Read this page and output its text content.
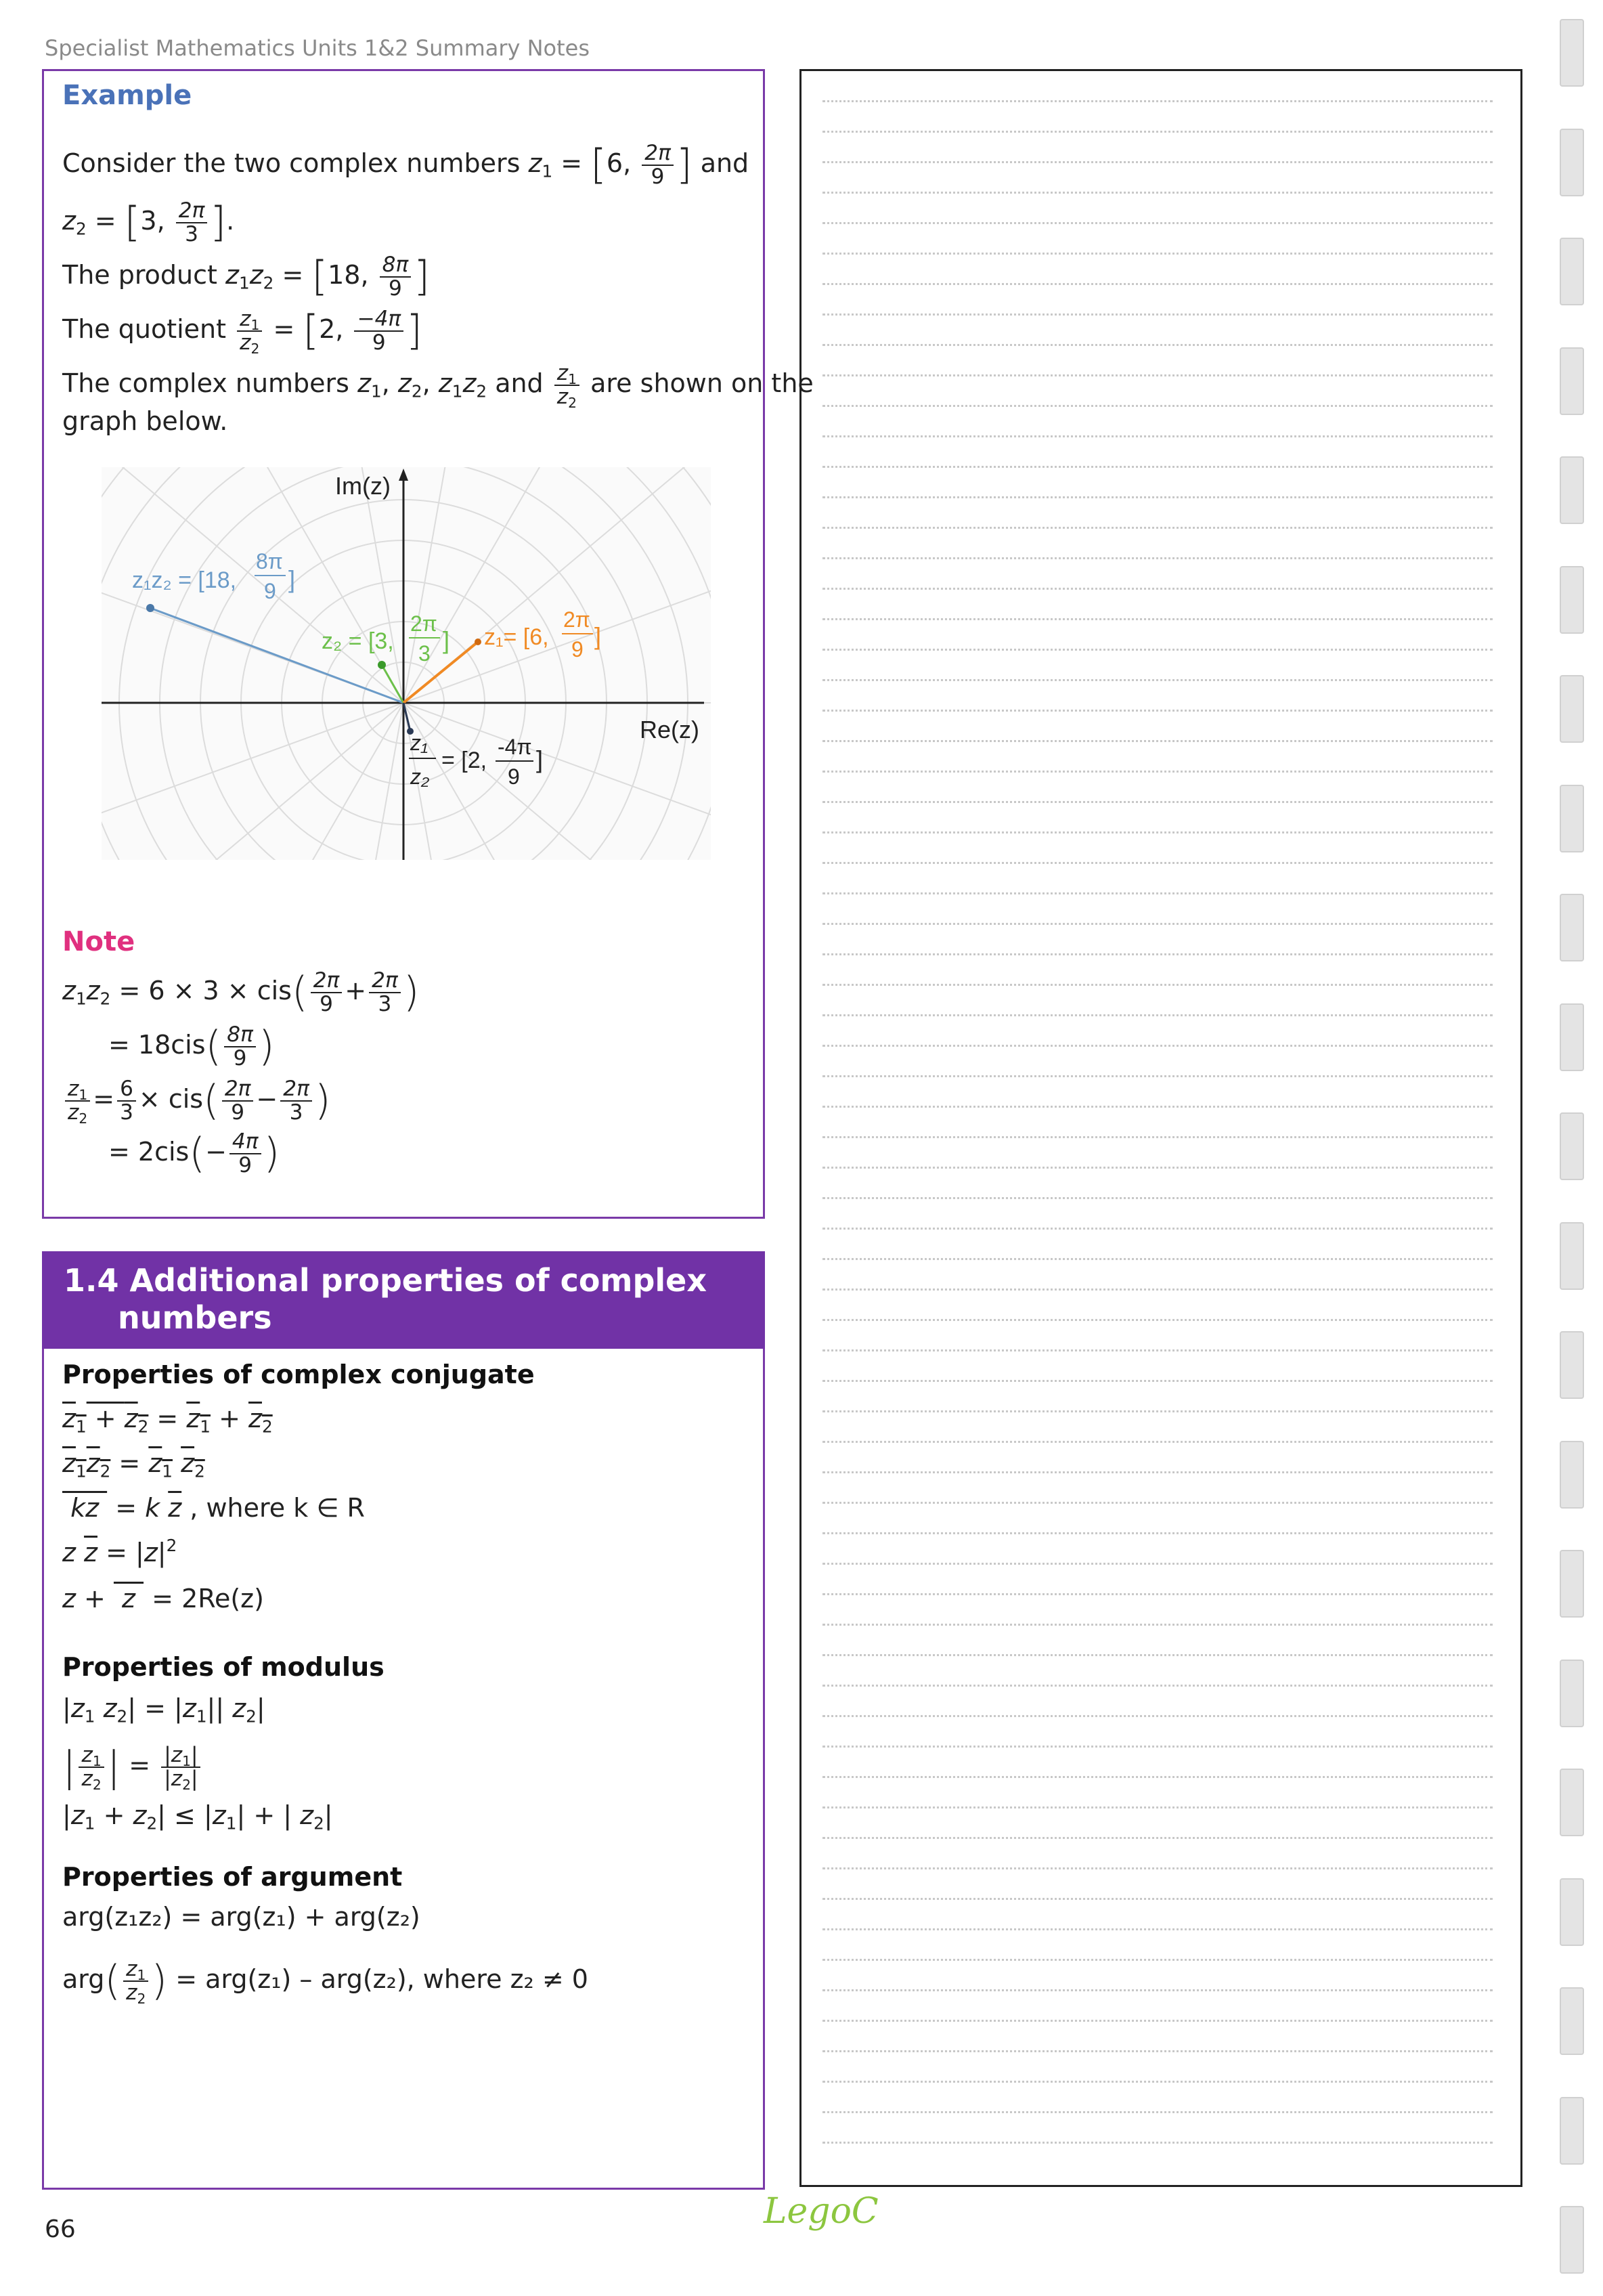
Specialist Mathematics Units 1&2 Summary Notes
Example
Consider the two complex numbers $z_1 = [6$, $\frac{2\pi}{9}$ ] and
$z_2 = [3$, $\frac{2\pi}{3}$ ].
The product $z_1z_2 = [18$, $\frac{8\pi}{9}$ ]
The quotient $\frac{z_1}{z_2} = [2$, $\frac{-4\pi}{9}$ ]
The complex numbers $z_1$, $z_2$, $z_1z_2$ and $\frac{z_1}{z_2}$ are shown on the
graph below.
Im(z)
Re(z)
z₁z₂ = [18,
8π
9 ]
z₂ = [3,
2π
3 ] z₁= [6,
2π
9 ]
z₁
z₂
= [2,
-4π
9
]
Note
$z_1z_2 = 6 \times 3 \times cis( \frac{2\pi}{9} + \frac{2\pi}{3}$ )
= $18cis( \frac{8\pi}{9}$ )
$\frac{z_1}{z_2} = \frac{6}{3} \times cis( \frac{2\pi}{9} - \frac{2\pi}{3}$ )
= $2cis(- \frac{4\pi}{9}$ )
1.4 Additional properties of complex
numbers
Properties of complex conjugate
$z_1 + z_2 = z_1 + z_2$
$z_1z_2 = z_1$ $z_2$
kz  = k $\overline{z}$ , where k ∈ R
z $\overline{z} = |z|^2$
z +  z  = 2Re(z)
Properties of modulus
$|z_1$ $z_2| = |z_1||$ $z_2|$
| $\frac{z_1}{z_2}$ | = $\frac{|z_1|}{|z_2|}$
$|z_1 + z_2| \le |z_1|$ + | $z_2|$
Properties of argument
arg(z₁z₂) = arg(z₁) + arg(z₂)
$arg( \frac{z_1}{z_2}$ ) = arg(z₁) – arg(z₂), where z₂ ≠ 0
66	LegoC
